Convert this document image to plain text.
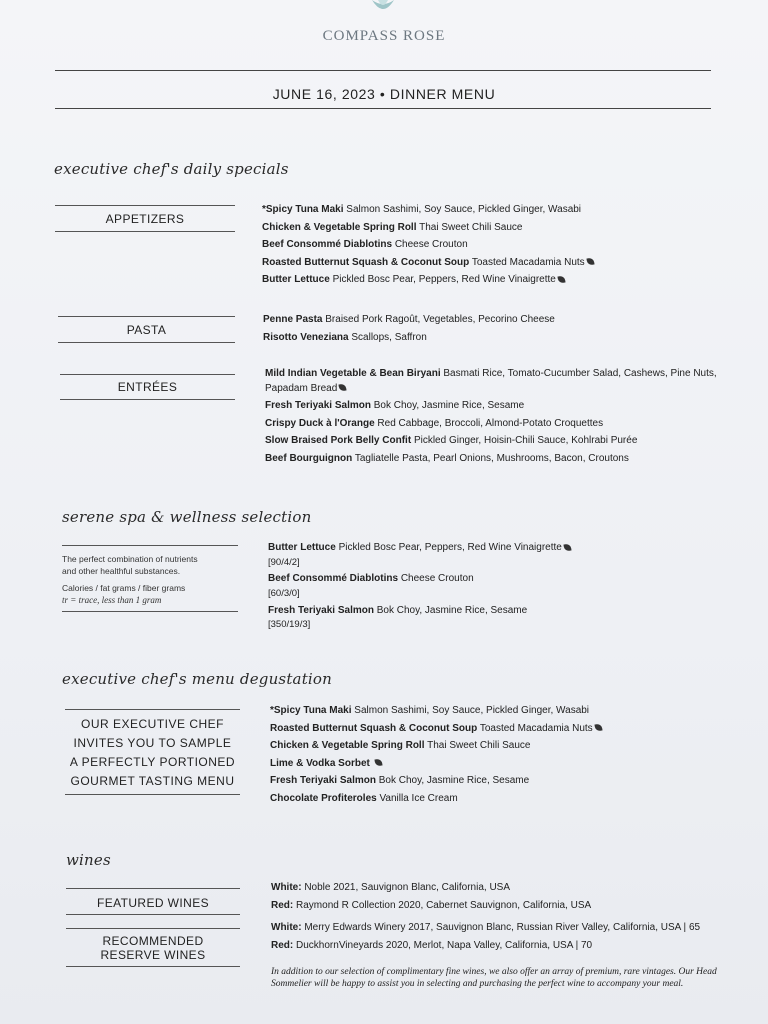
COMPASS ROSE
JUNE 16, 2023 • DINNER MENU
executive chef's daily specials
APPETIZERS
*Spicy Tuna Maki Salmon Sashimi, Soy Sauce, Pickled Ginger, Wasabi
Chicken & Vegetable Spring Roll Thai Sweet Chili Sauce
Beef Consommé Diablotins Cheese Crouton
Roasted Butternut Squash & Coconut Soup Toasted Macadamia Nuts
Butter Lettuce Pickled Bosc Pear, Peppers, Red Wine Vinaigrette
PASTA
Penne Pasta Braised Pork Ragoût, Vegetables, Pecorino Cheese
Risotto Veneziana Scallops, Saffron
ENTRÉES
Mild Indian Vegetable & Bean Biryani Basmati Rice, Tomato-Cucumber Salad, Cashews, Pine Nuts, Papadam Bread
Fresh Teriyaki Salmon Bok Choy, Jasmine Rice, Sesame
Crispy Duck à l'Orange Red Cabbage, Broccoli, Almond-Potato Croquettes
Slow Braised Pork Belly Confit Pickled Ginger, Hoisin-Chili Sauce, Kohlrabi Purée
Beef Bourguignon Tagliatelle Pasta, Pearl Onions, Mushrooms, Bacon, Croutons
serene spa & wellness selection
The perfect combination of nutrients
and other healthful substances.
Calories / fat grams / fiber grams
tr = trace, less than 1 gram
Butter Lettuce Pickled Bosc Pear, Peppers, Red Wine Vinaigrette
[90/4/2]
Beef Consommé Diablotins Cheese Crouton
[60/3/0]
Fresh Teriyaki Salmon Bok Choy, Jasmine Rice, Sesame
[350/19/3]
executive chef's menu degustation
OUR EXECUTIVE CHEF
INVITES YOU TO SAMPLE
A PERFECTLY PORTIONED
GOURMET TASTING MENU
*Spicy Tuna Maki Salmon Sashimi, Soy Sauce, Pickled Ginger, Wasabi
Roasted Butternut Squash & Coconut Soup Toasted Macadamia Nuts
Chicken & Vegetable Spring Roll Thai Sweet Chili Sauce
Lime & Vodka Sorbet
Fresh Teriyaki Salmon Bok Choy, Jasmine Rice, Sesame
Chocolate Profiteroles Vanilla Ice Cream
wines
FEATURED WINES
White: Noble 2021, Sauvignon Blanc, California, USA
Red: Raymond R Collection 2020, Cabernet Sauvignon, California, USA
RECOMMENDED
RESERVE WINES
White: Merry Edwards Winery 2017, Sauvignon Blanc, Russian River Valley, California, USA | 65
Red: DuckhornVineyards 2020, Merlot, Napa Valley, California, USA | 70
In addition to our selection of complimentary fine wines, we also offer an array of premium, rare vintages. Our Head Sommelier will be happy to assist you in selecting and purchasing the perfect wine to accompany your meal.
